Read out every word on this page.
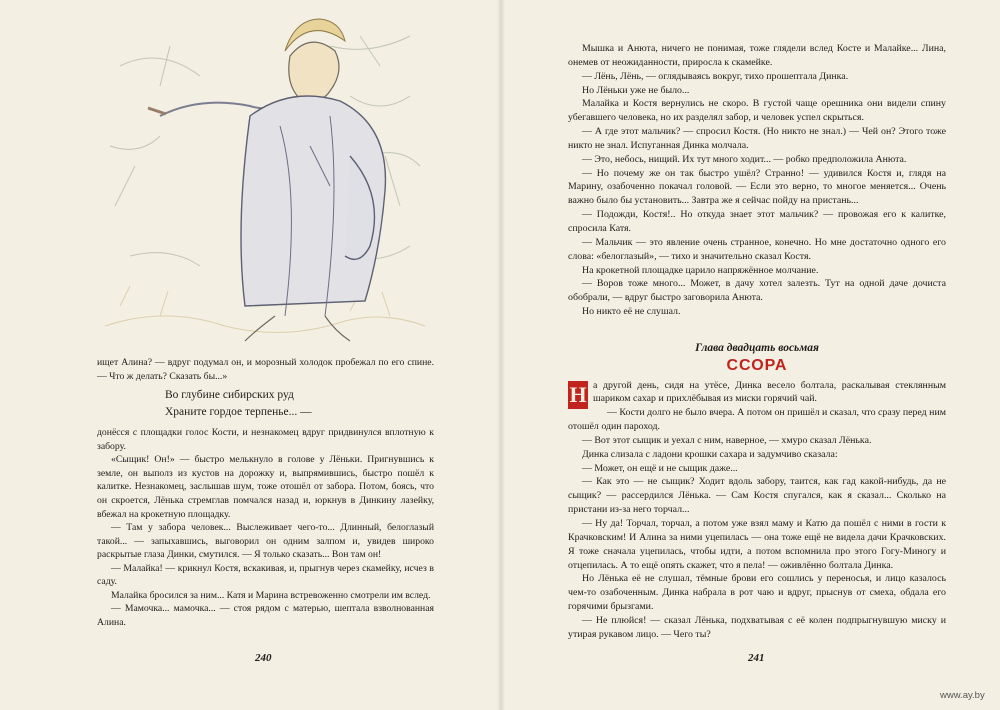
ищет Алина? — вдруг подумал он, и морозный холодок пробежал по его спине. — Что ж делать? Сказать бы...»

Во глубине сибирских руд
Храните гордое терпенье... —

донёсся с площадки голос Кости, и незнакомец вдруг придвинулся вплотную к забору.

«Сыщик! Он!» — быстро мелькнуло в голове у Лёньки. Пригнувшись к земле, он выполз из кустов на дорожку и, выпрямившись, быстро пошёл к калитке. Незнакомец, заслышав шум, тоже отошёл от забора. Потом, боясь, что он скроется, Лёнька стремглав помчался назад и, юркнув в Динкину лазейку, вбежал на крокетную площадку.

— Там у забора человек... Выслеживает чего-то... Длинный, белоглазый такой... — запыхавшись, выговорил он одним залпом и, увидев широко раскрытые глаза Динки, смутился. — Я только сказать... Вон там он!

— Малайка! — крикнул Костя, вскакивая, и, прыгнув через скамейку, исчез в саду.

Малайка бросился за ним... Катя и Марина встревоженно смотрели им вслед.

— Мамочка... мамочка... — стоя рядом с матерью, шептала взволнованная Алина.

240

Мышка и Анюта, ничего не понимая, тоже глядели вслед Косте и Малайке... Лина, онемев от неожиданности, приросла к скамейке.

— Лёнь, Лёнь, — оглядываясь вокруг, тихо прошептала Динка.

Но Лёньки уже не было...

Малайка и Костя вернулись не скоро. В густой чаще орешника они видели спину убегавшего человека, но их разделял забор, и человек успел скрыться.

— А где этот мальчик? — спросил Костя. (Но никто не знал.) — Чей он? Этого тоже никто не знал. Испуганная Динка молчала.

— Это, небось, нищий. Их тут много ходит... — робко предположила Анюта.

— Но почему же он так быстро ушёл? Странно! — удивился Костя и, глядя на Марину, озабоченно покачал головой. — Если это верно, то многое меняется... Очень важно было бы установить... Завтра же я сейчас пойду на пристань...

— Подожди, Костя!.. Но откуда знает этот мальчик? — провожая его к калитке, спросила Катя.

— Мальчик — это явление очень странное, конечно. Но мне достаточно одного его слова: «белоглазый», — тихо и значительно сказал Костя.

На крокетной площадке царило напряжённое молчание.

— Воров тоже много... Может, в дачу хотел залезть. Тут на одной даче дочиста обобрали, — вдруг быстро заговорила Анюта.

Но никто её не слушал.

Глава двадцать восьмая
ССОРА

Н а другой день, сидя на утёсе, Динка весело болтала, раскалывая стеклянным шариком сахар и прихлёбывая из миски горячий чай.

— Кости долго не было вчера. А потом он пришёл и сказал, что сразу перед ним отошёл один пароход.

— Вот этот сыщик и уехал с ним, наверное, — хмуро сказал Лёнька.

Динка слизала с ладони крошки сахара и задумчиво сказала:

— Может, он ещё и не сыщик даже...

— Как это — не сыщик? Ходит вдоль забору, таится, как гад какой-нибудь, да не сыщик? — рассердился Лёнька. — Сам Костя спугался, как я сказал... Сколько на пристани из-за него торчал...

— Ну да! Торчал, торчал, а потом уже взял маму и Катю да пошёл с ними в гости к Крачковским! И Алина за ними уцепилась — она тоже ещё не видела дачи Крачковских. Я тоже сначала уцепилась, чтобы идти, а потом вспомнила про этого Гогу-Миногу и отцепилась. А то ещё опять скажет, что я пела! — оживлённо болтала Динка.

Но Лёнька её не слушал, тёмные брови его сошлись у переносья, и лицо казалось чем-то озабоченным. Динка набрала в рот чаю и вдруг, прыснув от смеха, обдала его горячими брызгами.

— Не плюйся! — сказал Лёнька, подхватывая с её колен подпрыгнувшую миску и утирая рукавом лицо. — Чего ты?

241
www.ay.by
